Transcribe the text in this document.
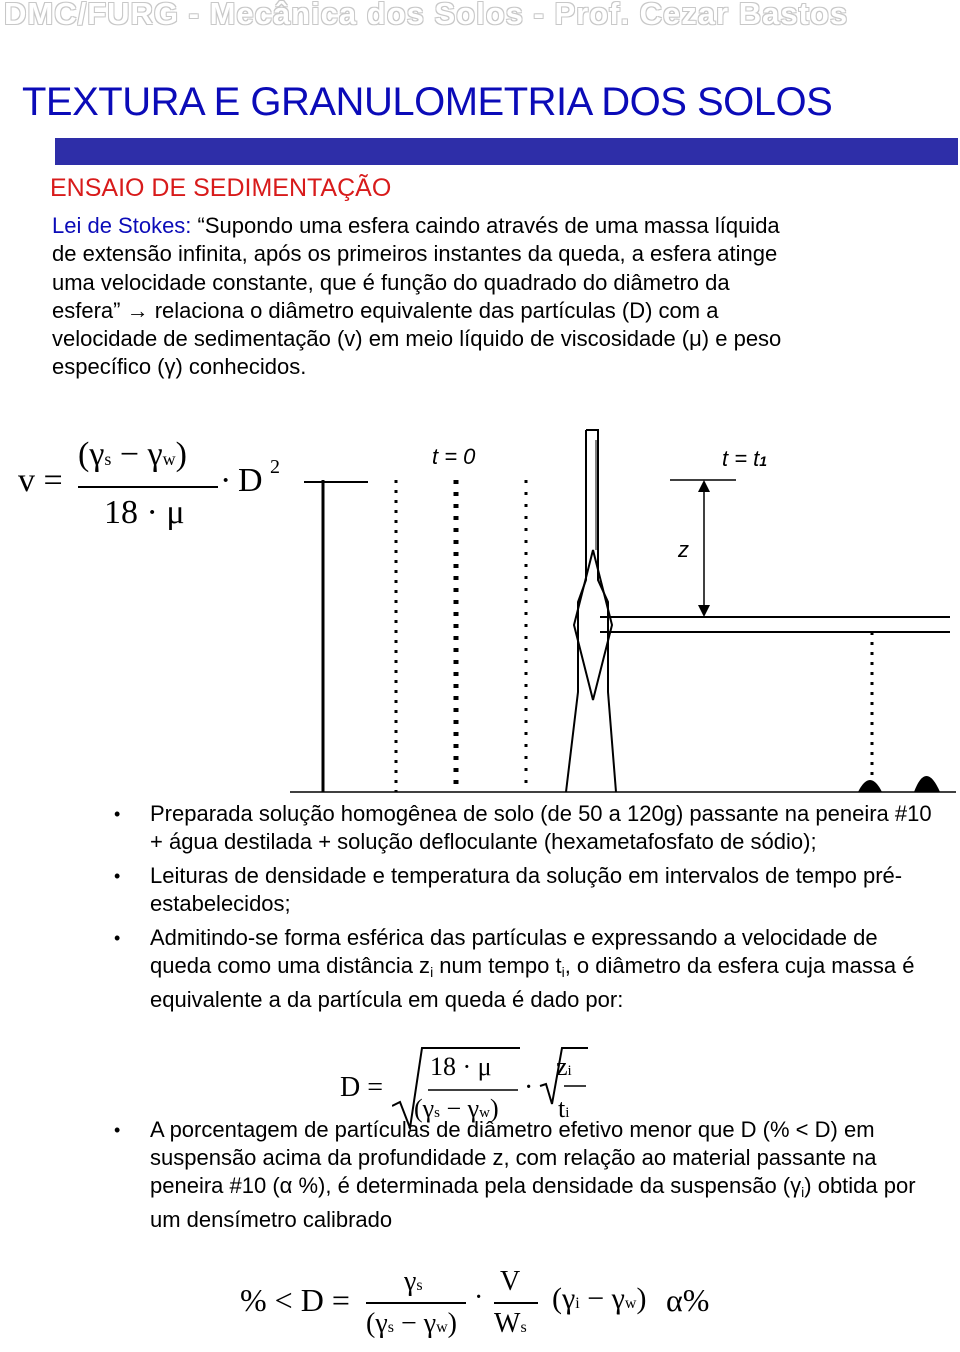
DMC/FURG - Mecânica dos Solos - Prof. Cezar Bastos
TEXTURA E GRANULOMETRIA DOS SOLOS
ENSAIO DE SEDIMENTAÇÃO
Lei de Stokes: “Supondo uma esfera caindo através de uma massa líquida
de extensão infinita, após os primeiros instantes da queda, a esfera atinge
uma velocidade constante, que é função do quadrado do diâmetro da
esfera” → relaciona o diâmetro equivalente das partículas (D) com a
velocidade de sedimentação (v) em meio líquido de viscosidade (μ) e peso
específico (γ) conhecidos.
v =
(γs − γw)
18 · μ
· D 2	t = 0	t = t1
z
• Preparada solução homogênea de solo (de 50 a 120g) passante na peneira #10 + água destilada + solução defloculante (hexametafosfato de sódio);
• Leituras de densidade e temperatura da solução em intervalos de tempo pré-estabelecidos;
• Admitindo-se forma esférica das partículas e expressando a velocidade de queda como uma distância $z_i$ num tempo $t_i$, o diâmetro da esfera cuja massa é equivalente a da partícula em queda é dado por:
• A porcentagem de partículas de diâmetro efetivo menor que D (% < D) em suspensão acima da profundidade z, com relação ao material passante na peneira #10 (α %), é determinada pela densidade da suspensão $(\gamma_i)$ obtida por um densímetro calibrado
D =
18 · μ
(γs − γw)
·
zi
ti
% < D =
γs
(γs − γw)
·
V
Ws
(γi − γw) α%
